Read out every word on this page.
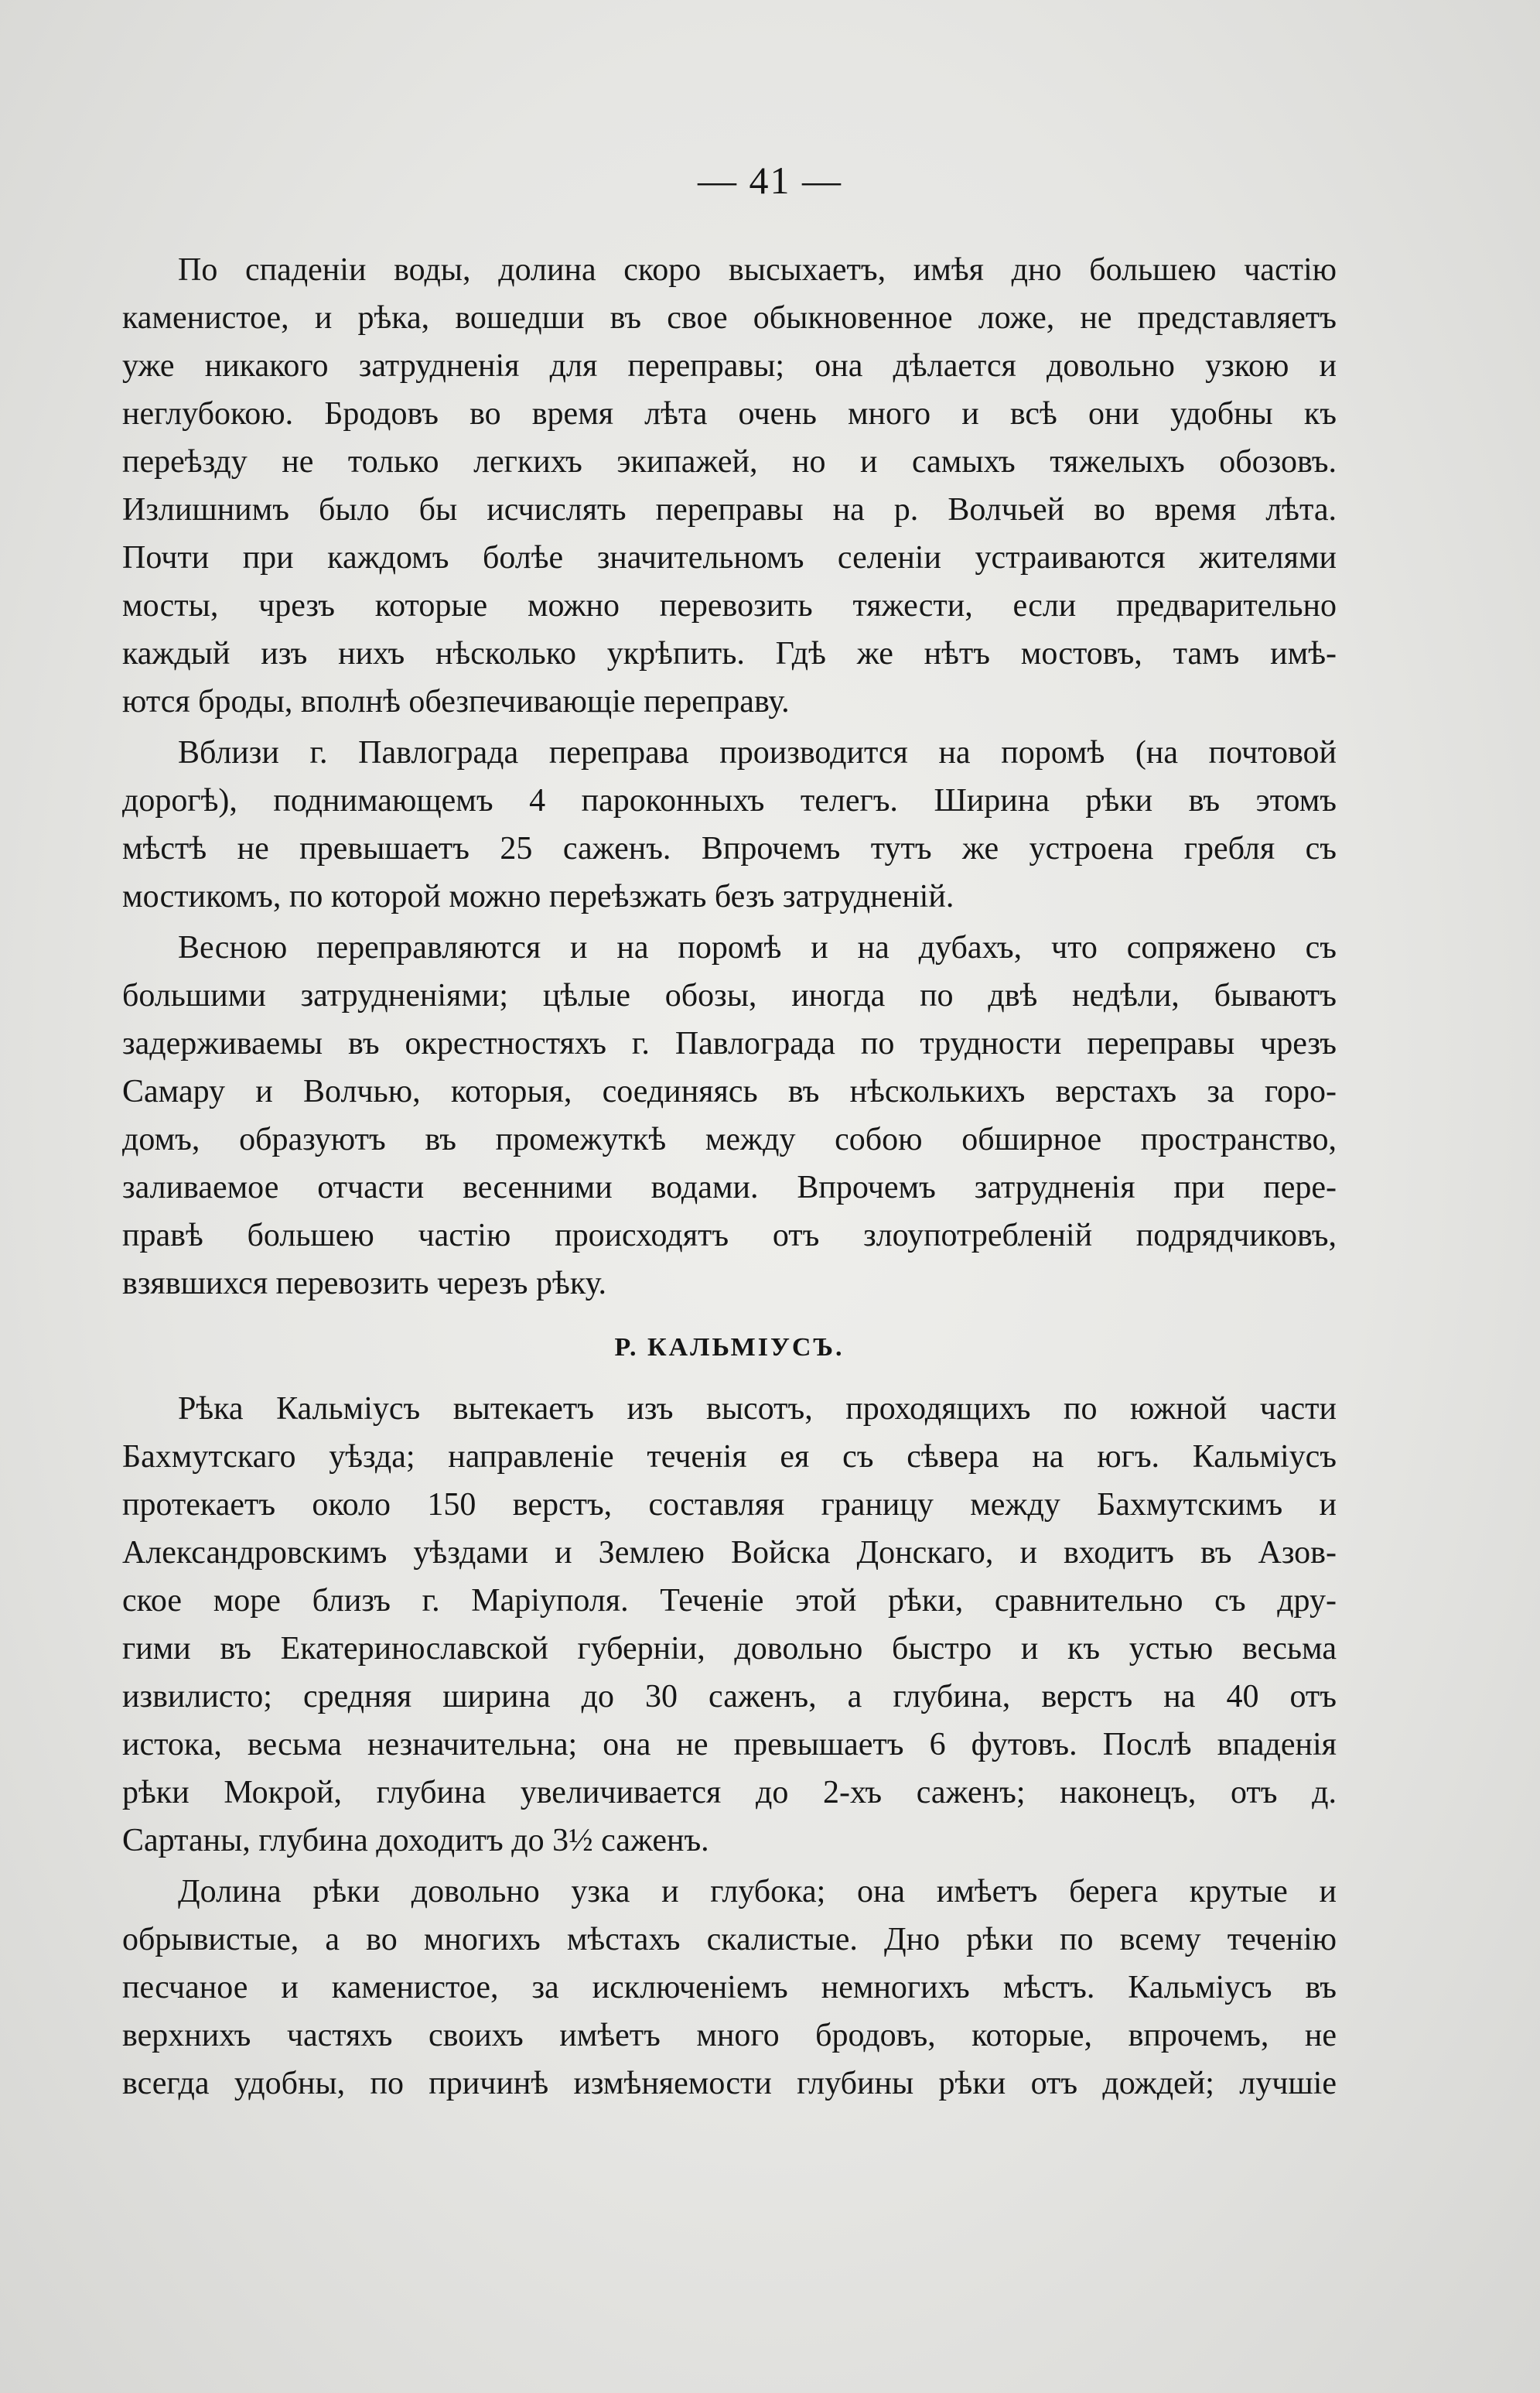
— 41 —
По спаденіи воды, долина скоро высыхаетъ, имѣя дно большею частію
каменистое, и рѣка, вошедши въ свое обыкновенное ложе, не представляетъ
уже никакого затрудненія для переправы; она дѣлается довольно узкою и
неглубокою. Бродовъ во время лѣта очень много и всѣ они удобны къ
переѣзду не только легкихъ экипажей, но и самыхъ тяжелыхъ обозовъ.
Излишнимъ было бы исчислять переправы на р. Волчьей во время лѣта.
Почти при каждомъ болѣе значительномъ селеніи устраиваются жителями
мосты, чрезъ которые можно перевозить тяжести, если предварительно
каждый изъ нихъ нѣсколько укрѣпить. Гдѣ же нѣтъ мостовъ, тамъ имѣ-
ются броды, вполнѣ обезпечивающіе переправу.
Вблизи г. Павлограда переправа производится на поромѣ (на почтовой
дорогѣ), поднимающемъ 4 пароконныхъ телегъ. Ширина рѣки въ этомъ
мѣстѣ не превышаетъ 25 саженъ. Впрочемъ тутъ же устроена гребля съ
мостикомъ, по которой можно переѣзжать безъ затрудненій.
Весною переправляются и на поромѣ и на дубахъ, что сопряжено съ
большими затрудненіями; цѣлые обозы, иногда по двѣ недѣли, бываютъ
задерживаемы въ окрестностяхъ г. Павлограда по трудности переправы чрезъ
Самару и Волчью, которыя, соединяясь въ нѣсколькихъ верстахъ за горо-
домъ, образуютъ въ промежуткѣ между собою обширное пространство,
заливаемое отчасти весенними водами. Впрочемъ затрудненія при пере-
правѣ большею частію происходятъ отъ злоупотребленій подрядчиковъ,
взявшихся перевозить черезъ рѣку.
Р. КАЛЬМІУСЪ.
Рѣка Кальміусъ вытекаетъ изъ высотъ, проходящихъ по южной части
Бахмутскаго уѣзда; направленіе теченія ея съ сѣвера на югъ. Кальміусъ
протекаетъ около 150 верстъ, составляя границу между Бахмутскимъ и
Александровскимъ уѣздами и Землею Войска Донскаго, и входитъ въ Азов-
ское море близъ г. Маріуполя. Теченіе этой рѣки, сравнительно съ дру-
гими въ Екатеринославской губерніи, довольно быстро и къ устью весьма
извилисто; средняя ширина до 30 саженъ, а глубина, верстъ на 40 отъ
истока, весьма незначительна; она не превышаетъ 6 футовъ. Послѣ впаденія
рѣки Мокрой, глубина увеличивается до 2-хъ саженъ; наконецъ, отъ д.
Сартаны, глубина доходитъ до 3½ саженъ.
Долина рѣки довольно узка и глубока; она имѣетъ берега крутые и
обрывистые, а во многихъ мѣстахъ скалистые. Дно рѣки по всему теченію
песчаное и каменистое, за исключеніемъ немногихъ мѣстъ. Кальміусъ въ
верхнихъ частяхъ своихъ имѣетъ много бродовъ, которые, впрочемъ, не
всегда удобны, по причинѣ измѣняемости глубины рѣки отъ дождей; лучшіе
